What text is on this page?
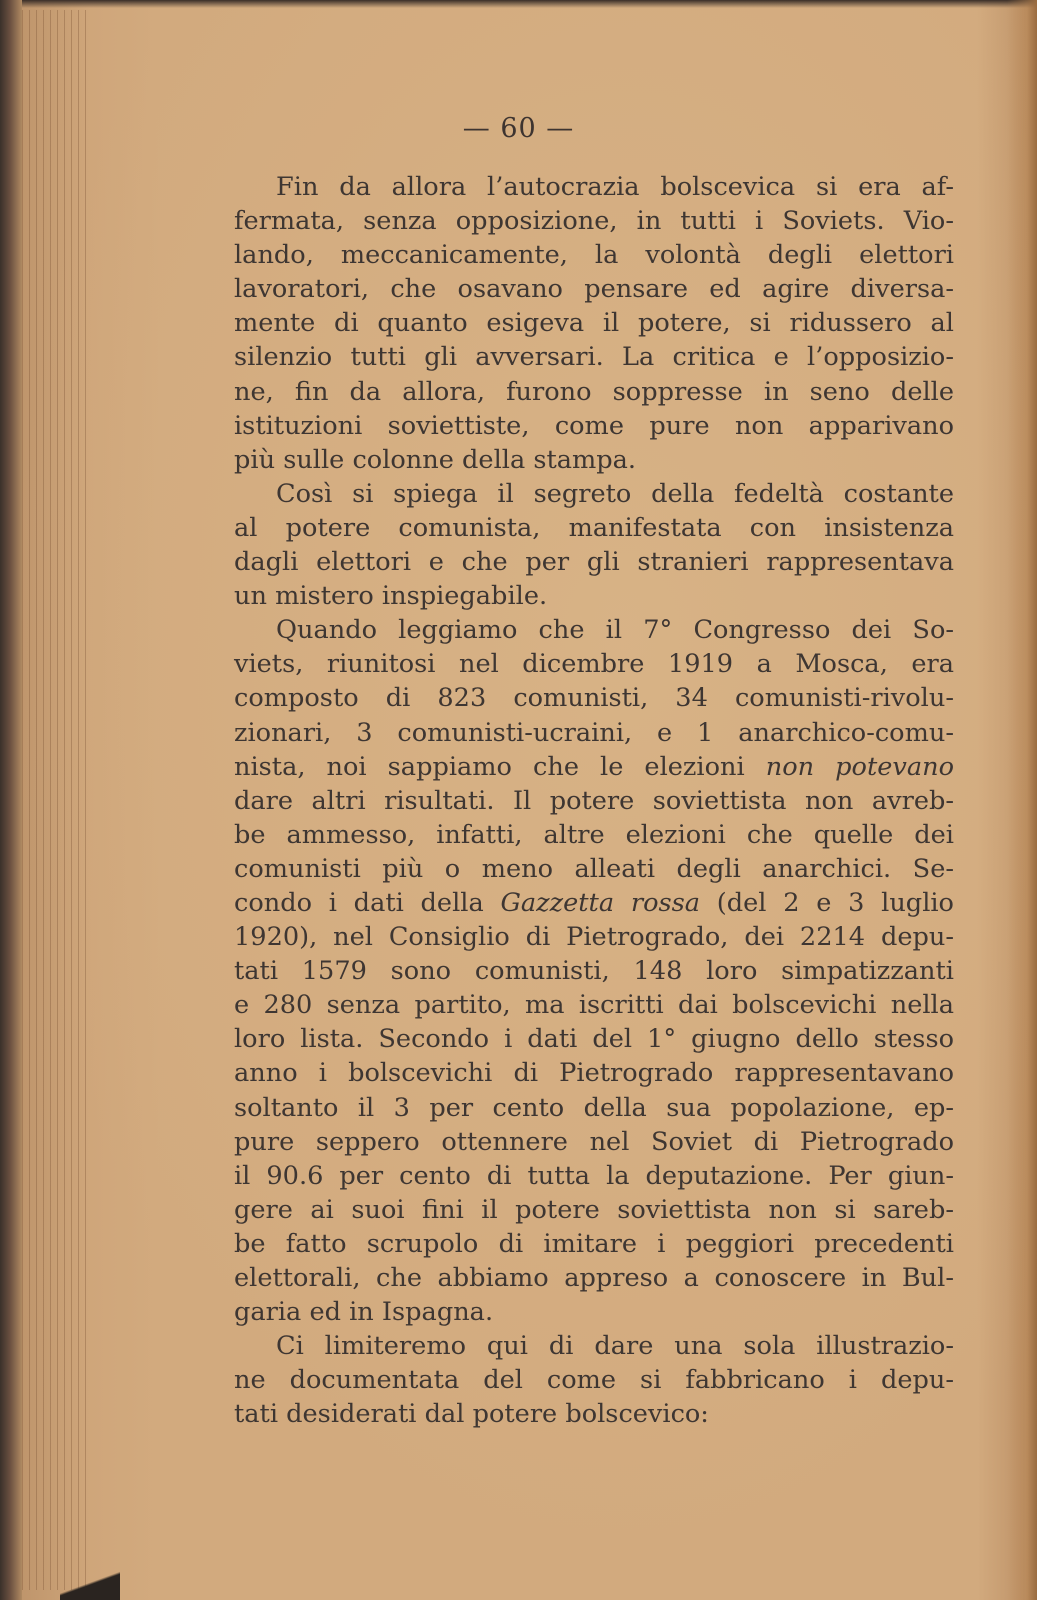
— 60 —
Fin da allora l’autocrazia bolscevica si era af-
fermata, senza opposizione, in tutti i Soviets. Vio-
lando, meccanicamente, la volontà degli elettori
lavoratori, che osavano pensare ed agire diversa-
mente di quanto esigeva il potere, si ridussero al
silenzio tutti gli avversari. La critica e l’opposizio-
ne, fin da allora, furono soppresse in seno delle
istituzioni soviettiste, come pure non apparivano
più sulle colonne della stampa.
Così si spiega il segreto della fedeltà costante
al potere comunista, manifestata con insistenza
dagli elettori e che per gli stranieri rappresentava
un mistero inspiegabile.
Quando leggiamo che il 7° Congresso dei So-
viets, riunitosi nel dicembre 1919 a Mosca, era
composto di 823 comunisti, 34 comunisti-rivolu-
zionari, 3 comunisti-ucraini, e 1 anarchico-comu-
nista, noi sappiamo che le elezioni non potevano
dare altri risultati. Il potere soviettista non avreb-
be ammesso, infatti, altre elezioni che quelle dei
comunisti più o meno alleati degli anarchici. Se-
condo i dati della Gazzetta rossa (del 2 e 3 luglio
1920), nel Consiglio di Pietrogrado, dei 2214 depu-
tati 1579 sono comunisti, 148 loro simpatizzanti
e 280 senza partito, ma iscritti dai bolscevichi nella
loro lista. Secondo i dati del 1° giugno dello stesso
anno i bolscevichi di Pietrogrado rappresentavano
soltanto il 3 per cento della sua popolazione, ep-
pure seppero ottennere nel Soviet di Pietrogrado
il 90.6 per cento di tutta la deputazione. Per giun-
gere ai suoi fini il potere soviettista non si sareb-
be fatto scrupolo di imitare i peggiori precedenti
elettorali, che abbiamo appreso a conoscere in Bul-
garia ed in Ispagna.
Ci limiteremo qui di dare una sola illustrazio-
ne documentata del come si fabbricano i depu-
tati desiderati dal potere bolscevico:
